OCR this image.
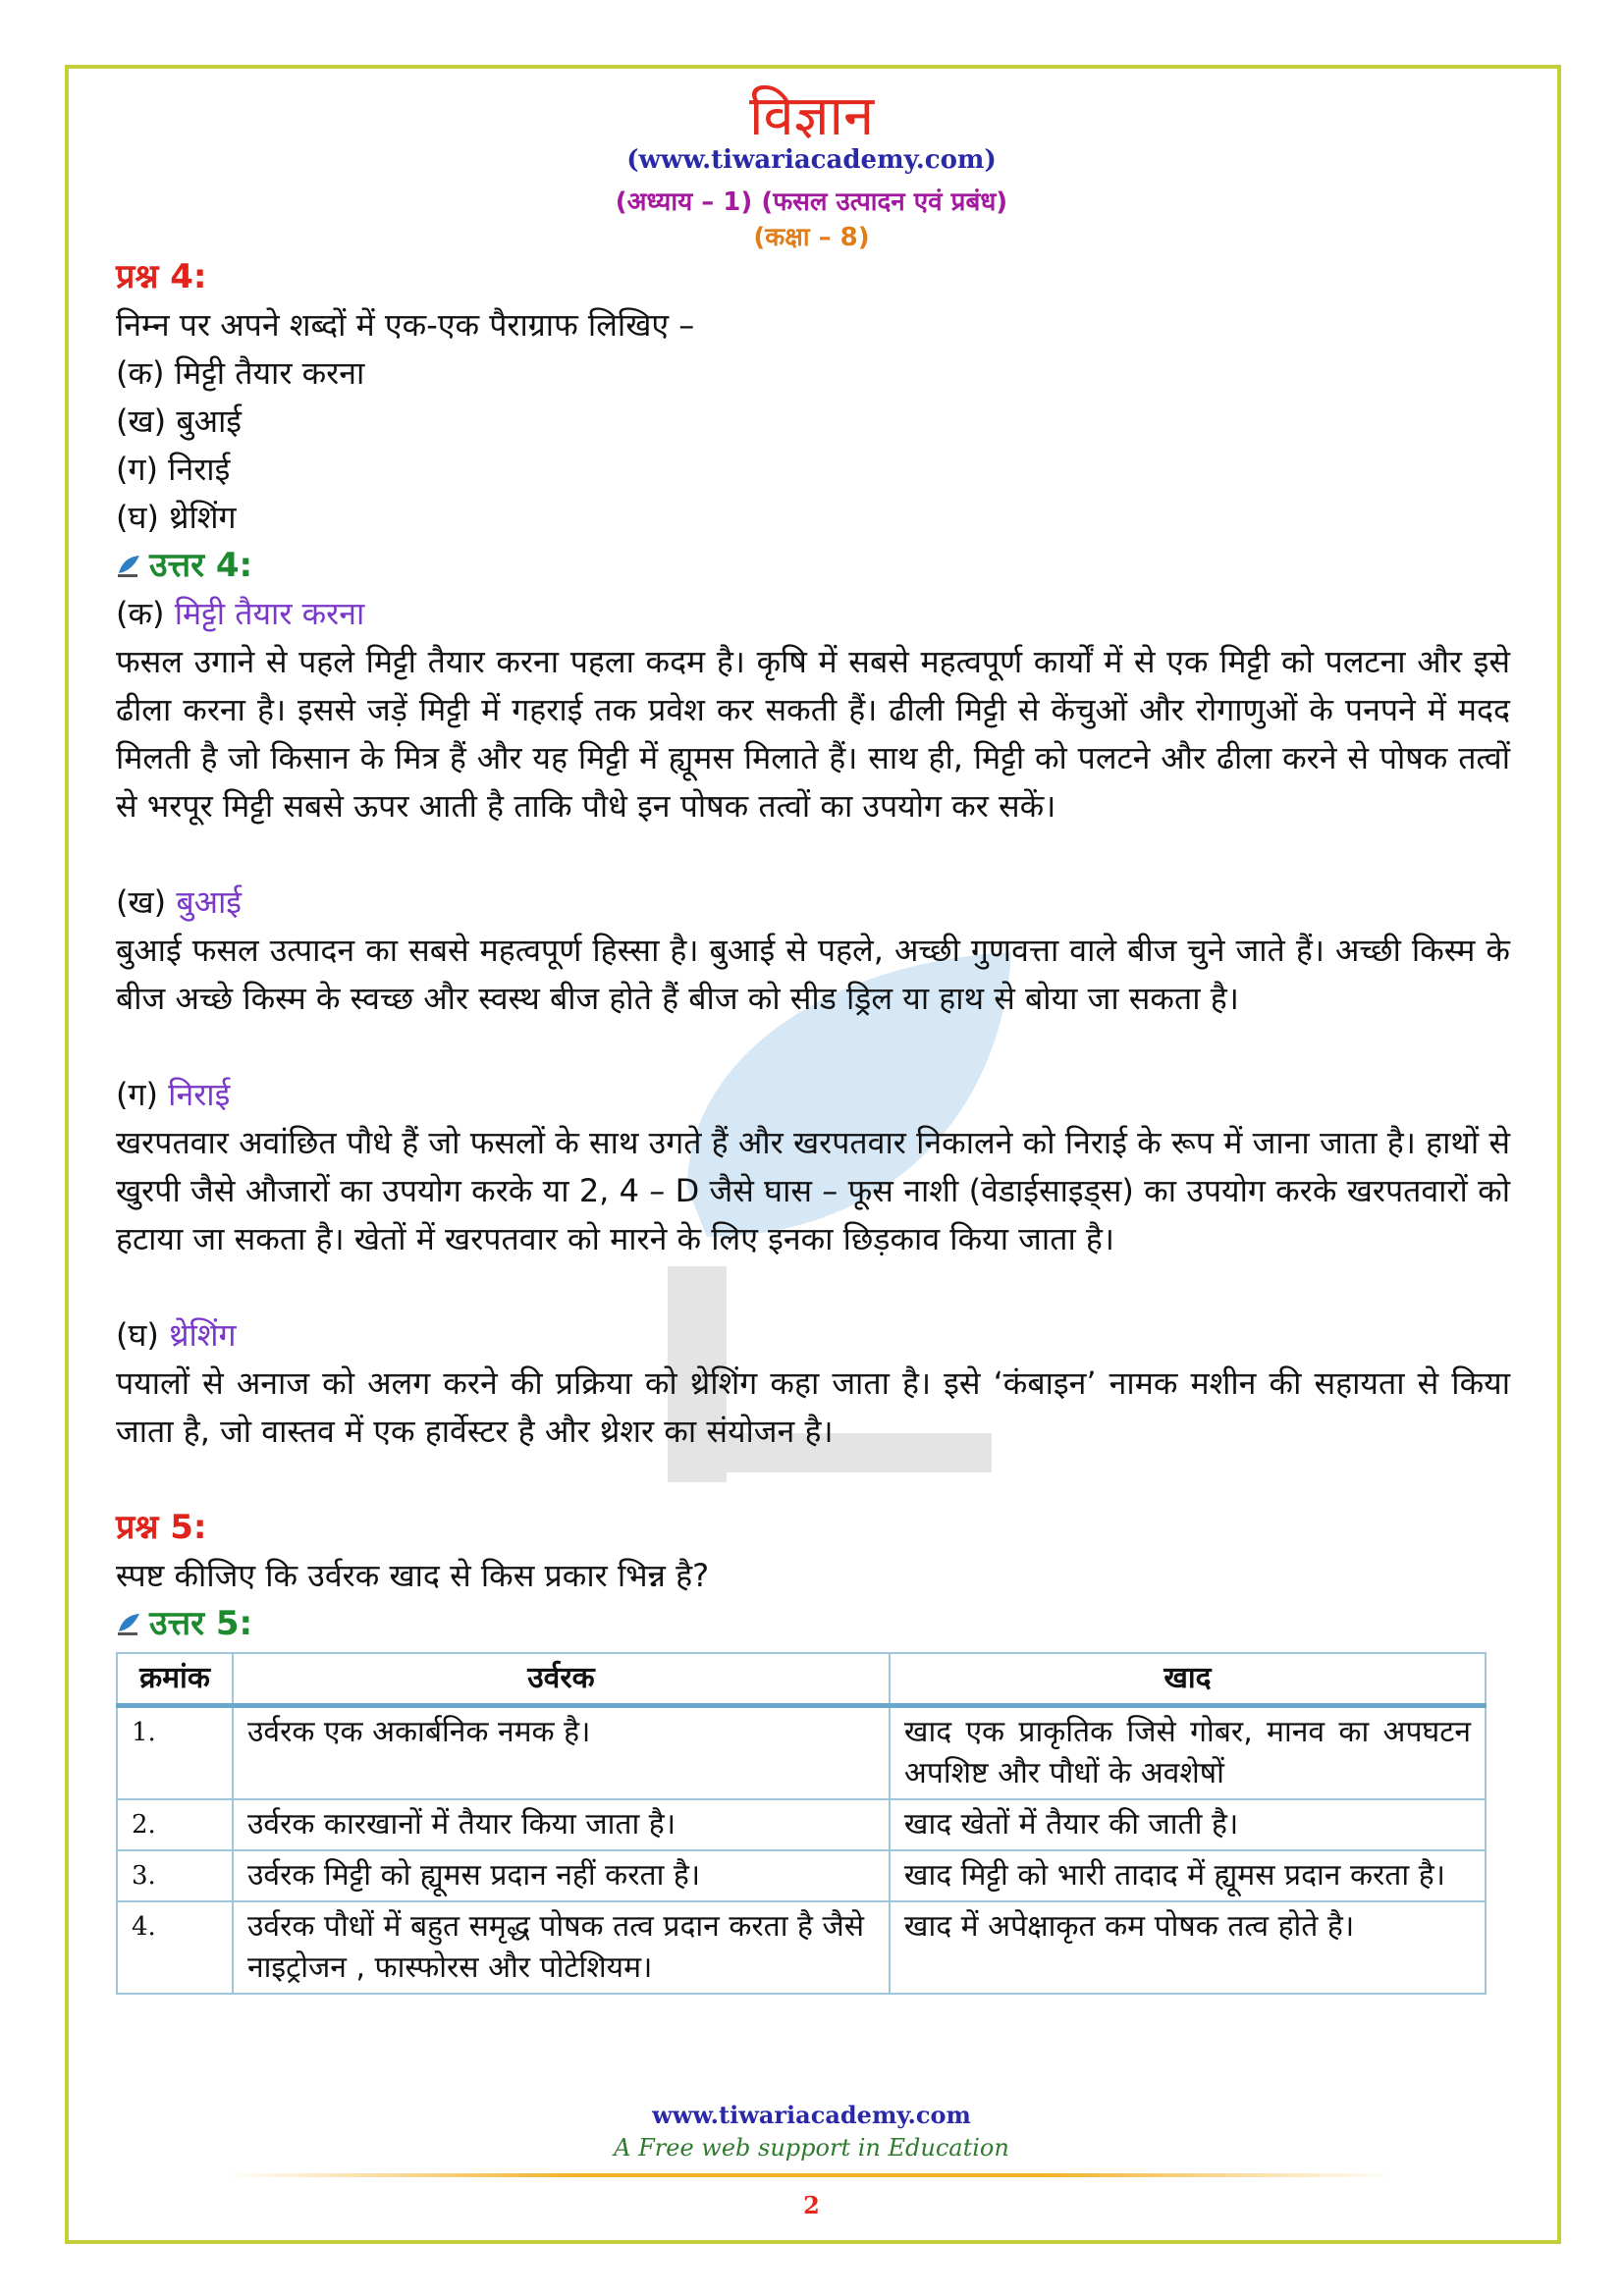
विज्ञान
(www.tiwariacademy.com)
(अध्याय – 1) (फसल उत्पादन एवं प्रबंध)
(कक्षा – 8)

प्रश्न 4:

निम्न पर अपने शब्दों में एक-एक पैराग्राफ लिखिए –

(क) मिट्टी तैयार करना

(ख) बुआई

(ग) निराई

(घ) थ्रेशिंग

उत्तर 4:

(क) मिट्टी तैयार करना

फसल उगाने से पहले मिट्टी तैयार करना पहला कदम है। कृषि में सबसे महत्वपूर्ण कार्यों में से एक मिट्टी को पलटना और इसे ढीला करना है। इससे जड़ें मिट्टी में गहराई तक प्रवेश कर सकती हैं। ढीली मिट्टी से केंचुओं और रोगाणुओं के पनपने में मदद मिलती है जो किसान के मित्र हैं और यह मिट्टी में ह्यूमस मिलाते हैं। साथ ही, मिट्टी को पलटने और ढीला करने से पोषक तत्वों से भरपूर मिट्टी सबसे ऊपर आती है ताकि पौधे इन पोषक तत्वों का उपयोग कर सकें।

(ख) बुआई

बुआई फसल उत्पादन का सबसे महत्वपूर्ण हिस्सा है। बुआई से पहले, अच्छी गुणवत्ता वाले बीज चुने जाते हैं। अच्छी किस्म के बीज अच्छे किस्म के स्वच्छ और स्वस्थ बीज होते हैं बीज को सीड ड्रिल या हाथ से बोया जा सकता है।

(ग) निराई

खरपतवार अवांछित पौधे हैं जो फसलों के साथ उगते हैं और खरपतवार निकालने को निराई के रूप में जाना जाता है। हाथों से खुरपी जैसे औजारों का उपयोग करके या 2, 4 – D जैसे घास – फूस नाशी (वेडाईसाइड्स) का उपयोग करके खरपतवारों को हटाया जा सकता है। खेतों में खरपतवार को मारने के लिए इनका छिड़काव किया जाता है।

(घ) थ्रेशिंग

पयालों से अनाज को अलग करने की प्रक्रिया को थ्रेशिंग कहा जाता है। इसे ‘कंबाइन’ नामक मशीन की सहायता से किया जाता है, जो वास्तव में एक हार्वेस्टर है और थ्रेशर का संयोजन है।

प्रश्न 5:

स्पष्ट कीजिए कि उर्वरक खाद से किस प्रकार भिन्न है?

उत्तर 5:

क्रमांक	उर्वरक	खाद
1.	उर्वरक एक अकार्बनिक नमक है।	खाद एक प्राकृतिक जिसे गोबर, मानव का अपघटन अपशिष्ट और पौधों के अवशेषों
2.	उर्वरक कारखानों में तैयार किया जाता है।	खाद खेतों में तैयार की जाती है।
3.	उर्वरक मिट्टी को ह्यूमस प्रदान नहीं करता है।	खाद मिट्टी को भारी तादाद में ह्यूमस प्रदान करता है।
4.	उर्वरक पौधों में बहुत समृद्ध पोषक तत्व प्रदान करता है जैसे नाइट्रोजन , फास्फोरस और पोटेशियम।	खाद में अपेक्षाकृत कम पोषक तत्व होते है।
www.tiwariacademy.com
A Free web support in Education
2
